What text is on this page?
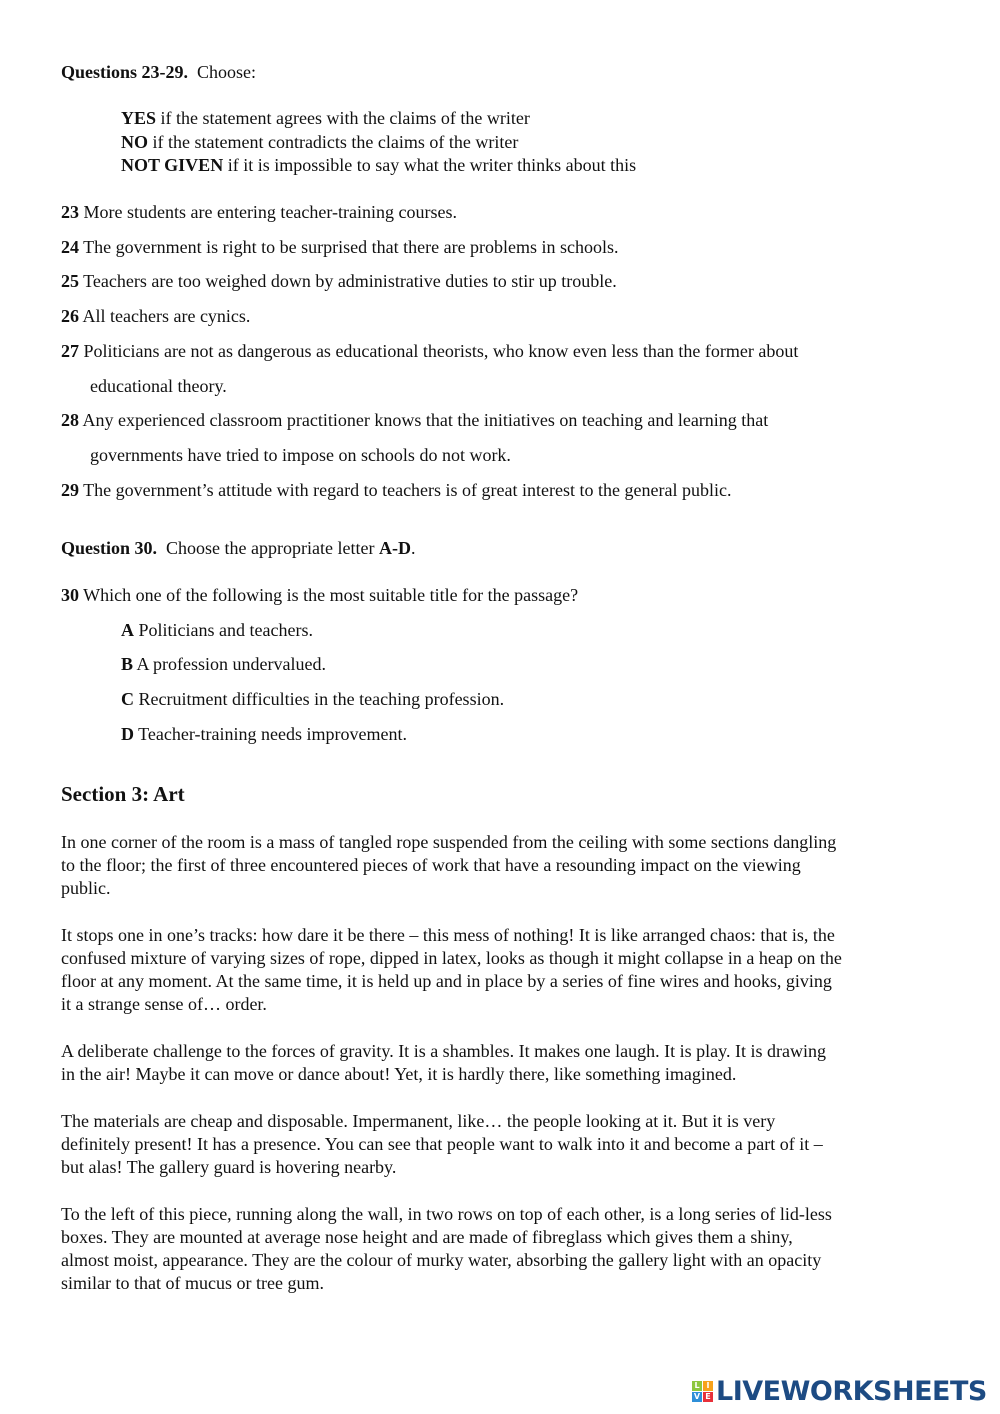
Questions 23-29.  Choose:
Question 30.  Choose the appropriate letter A-D.
30 Which one of the following is the most suitable title for the passage?
Section 3: Art
L I
V E LIVEWORKSHEETS
YES if the statement agrees with the claims of the writer
NO if the statement contradicts the claims of the writer
NOT GIVEN if it is impossible to say what the writer thinks about this
23 More students are entering teacher-training courses.
24 The government is right to be surprised that there are problems in schools.
25 Teachers are too weighed down by administrative duties to stir up trouble.
26 All teachers are cynics.
27 Politicians are not as dangerous as educational theorists, who know even less than the former about
educational theory.
28 Any experienced classroom practitioner knows that the initiatives on teaching and learning that
governments have tried to impose on schools do not work.
29 The government’s attitude with regard to teachers is of great interest to the general public.
A Politicians and teachers.
B A profession undervalued.
C Recruitment difficulties in the teaching profession.
D Teacher-training needs improvement.
In one corner of the room is a mass of tangled rope suspended from the ceiling with some sections dangling
to the floor; the first of three encountered pieces of work that have a resounding impact on the viewing
public.
It stops one in one’s tracks: how dare it be there – this mess of nothing! It is like arranged chaos: that is, the
confused mixture of varying sizes of rope, dipped in latex, looks as though it might collapse in a heap on the
floor at any moment. At the same time, it is held up and in place by a series of fine wires and hooks, giving
it a strange sense of… order.
A deliberate challenge to the forces of gravity. It is a shambles. It makes one laugh. It is play. It is drawing
in the air! Maybe it can move or dance about! Yet, it is hardly there, like something imagined.
The materials are cheap and disposable. Impermanent, like… the people looking at it. But it is very
definitely present! It has a presence. You can see that people want to walk into it and become a part of it –
but alas! The gallery guard is hovering nearby.
To the left of this piece, running along the wall, in two rows on top of each other, is a long series of lid-less
boxes. They are mounted at average nose height and are made of fibreglass which gives them a shiny,
almost moist, appearance. They are the colour of murky water, absorbing the gallery light with an opacity
similar to that of mucus or tree gum.
